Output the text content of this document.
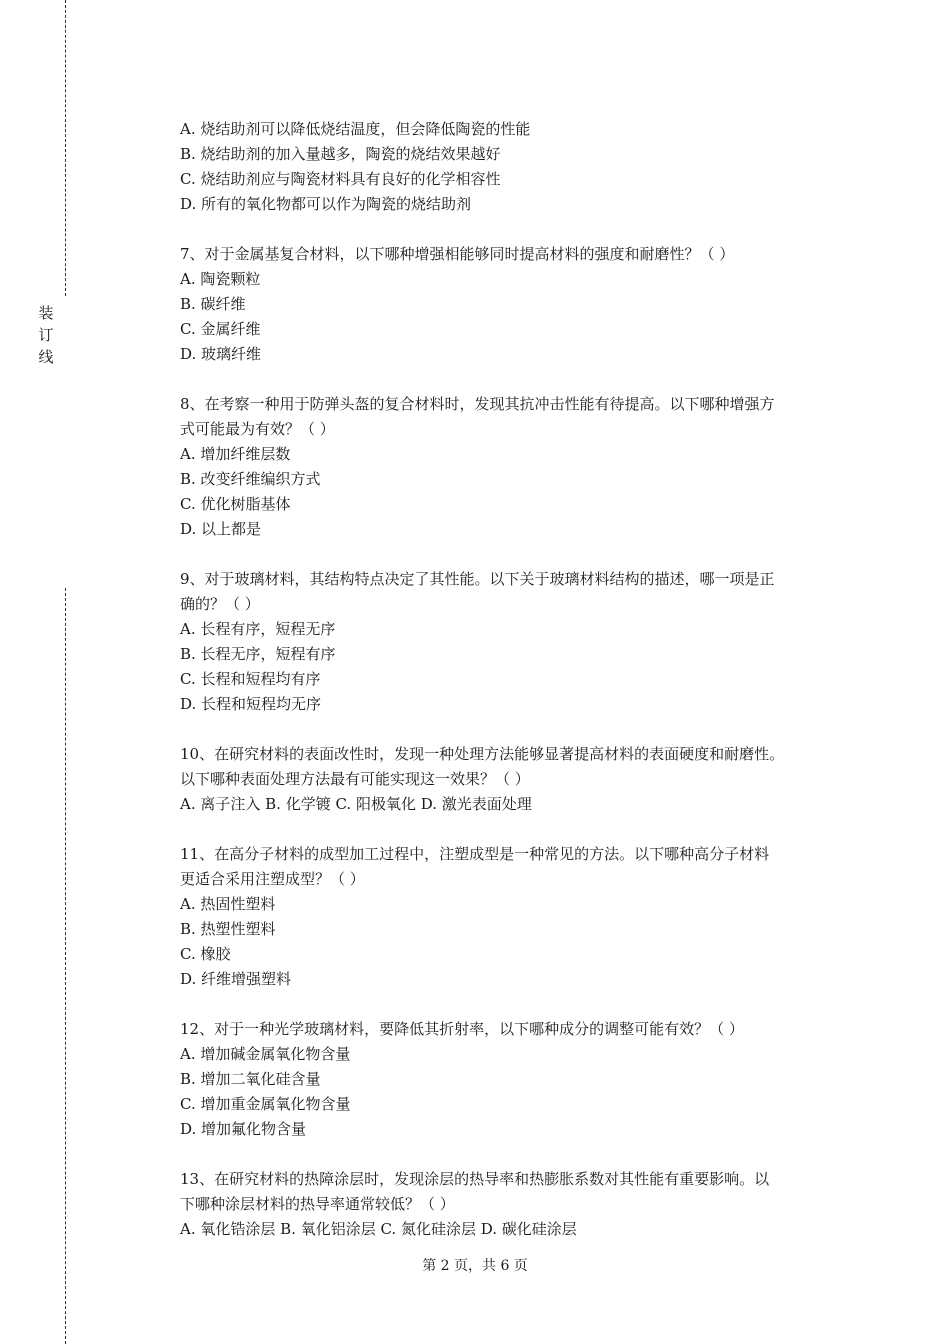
装
订
线
A. 烧结助剂可以降低烧结温度，但会降低陶瓷的性能
B. 烧结助剂的加入量越多，陶瓷的烧结效果越好
C. 烧结助剂应与陶瓷材料具有良好的化学相容性
D. 所有的氧化物都可以作为陶瓷的烧结助剂
7、对于金属基复合材料，以下哪种增强相能够同时提高材料的强度和耐磨性？（ ）
A. 陶瓷颗粒
B. 碳纤维
C. 金属纤维
D. 玻璃纤维
8、在考察一种用于防弹头盔的复合材料时，发现其抗冲击性能有待提高。以下哪种增强方
式可能最为有效？（ ）
A. 增加纤维层数
B. 改变纤维编织方式
C. 优化树脂基体
D. 以上都是
9、对于玻璃材料，其结构特点决定了其性能。以下关于玻璃材料结构的描述，哪一项是正
确的？（ ）
A. 长程有序，短程无序
B. 长程无序，短程有序
C. 长程和短程均有序
D. 长程和短程均无序
10、在研究材料的表面改性时，发现一种处理方法能够显著提高材料的表面硬度和耐磨性。
以下哪种表面处理方法最有可能实现这一效果？（ ）
A. 离子注入 B. 化学镀 C. 阳极氧化 D. 激光表面处理
11、在高分子材料的成型加工过程中，注塑成型是一种常见的方法。以下哪种高分子材料
更适合采用注塑成型？（ ）
A. 热固性塑料
B. 热塑性塑料
C. 橡胶
D. 纤维增强塑料
12、对于一种光学玻璃材料，要降低其折射率，以下哪种成分的调整可能有效？（ ）
A. 增加碱金属氧化物含量
B. 增加二氧化硅含量
C. 增加重金属氧化物含量
D. 增加氟化物含量
13、在研究材料的热障涂层时，发现涂层的热导率和热膨胀系数对其性能有重要影响。以
下哪种涂层材料的热导率通常较低？（ ）
A. 氧化锆涂层 B. 氧化铝涂层 C. 氮化硅涂层 D. 碳化硅涂层
第 2 页，共 6 页
